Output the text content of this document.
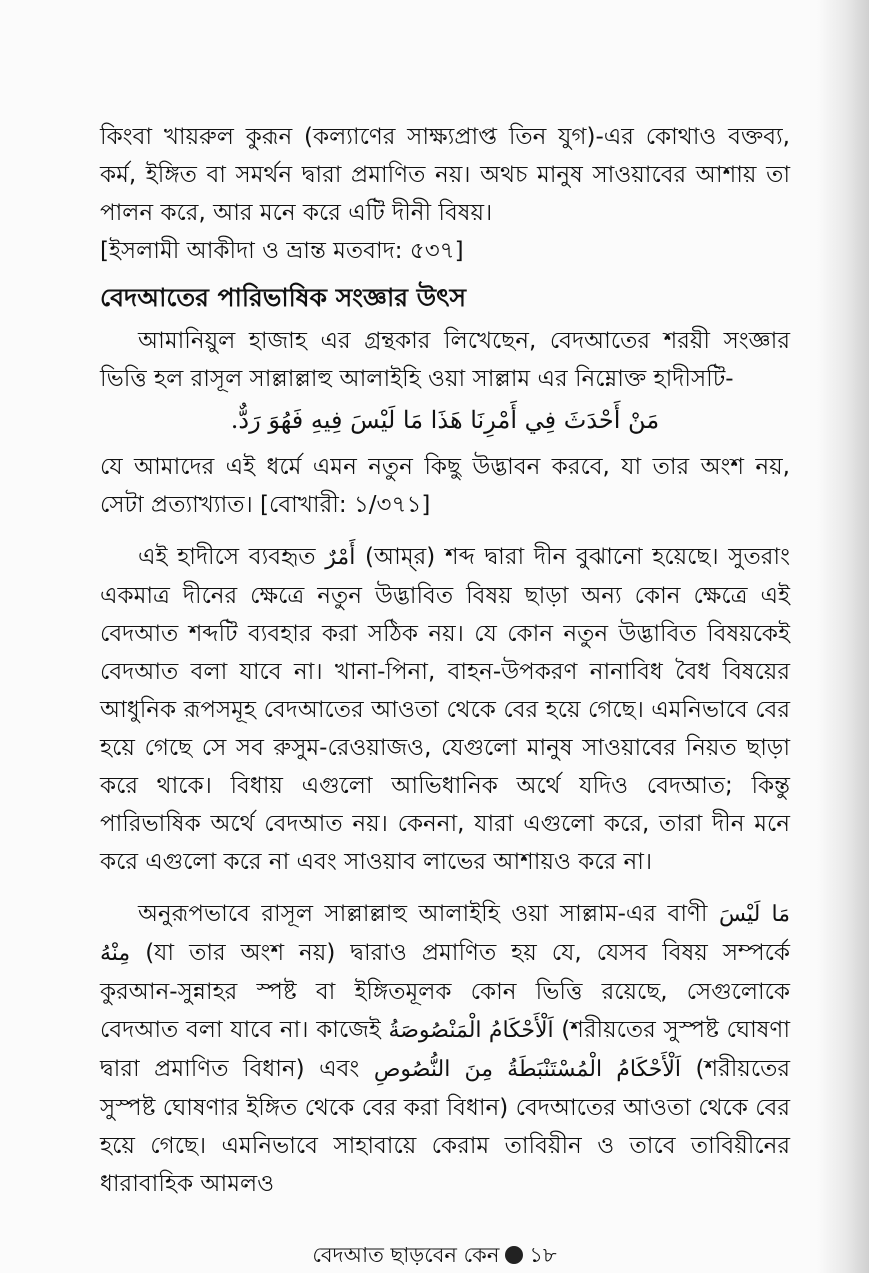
কিংবা খায়রুল কুরূন (কল্যাণের সাক্ষ্যপ্রাপ্ত তিন যুগ)-এর কোথাও বক্তব্য, কর্ম, ইঙ্গিত বা সমর্থন দ্বারা প্রমাণিত নয়। অথচ মানুষ সাওয়াবের আশায় তা পালন করে, আর মনে করে এটি দীনী বিষয়।

[ইসলামী আকীদা ও ভ্রান্ত মতবাদ: ৫৩৭]

বেদআতের পারিভাষিক সংজ্ঞার উৎস

আমানিয়ুল হাজাহ এর গ্রন্থকার লিখেছেন, বেদআতের শরয়ী সংজ্ঞার ভিত্তি হল রাসূল সাল্লাল্লাহু আলাইহি ওয়া সাল্লাম এর নিম্নোক্ত হাদীসটি-

مَنْ أَحْدَثَ فِي أَمْرِنَا هَذَا مَا لَيْسَ فِيهِ فَهُوَ رَدٌّ.

যে আমাদের এই ধর্মে এমন নতুন কিছু উদ্ভাবন করবে, যা তার অংশ নয়, সেটা প্রত্যাখ্যাত। [বোখারী: ১/৩৭১]

এই হাদীসে ব্যবহৃত أَمْرٌ (আম্‌র) শব্দ দ্বারা দীন বুঝানো হয়েছে। সুতরাং একমাত্র দীনের ক্ষেত্রে নতুন উদ্ভাবিত বিষয় ছাড়া অন্য কোন ক্ষেত্রে এই বেদআত শব্দটি ব্যবহার করা সঠিক নয়। যে কোন নতুন উদ্ভাবিত বিষয়কেই বেদআত বলা যাবে না। খানা-পিনা, বাহন-উপকরণ নানাবিধ বৈধ বিষয়ের আধুনিক রূপসমূহ বেদআতের আওতা থেকে বের হয়ে গেছে। এমনিভাবে বের হয়ে গেছে সে সব রুসুম-রেওয়াজও, যেগুলো মানুষ সাওয়াবের নিয়ত ছাড়া করে থাকে। বিধায় এগুলো আভিধানিক অর্থে যদিও বেদআত; কিন্তু পারিভাষিক অর্থে বেদআত নয়। কেননা, যারা এগুলো করে, তারা দীন মনে করে এগুলো করে না এবং সাওয়াব লাভের আশায়ও করে না।

অনুরূপভাবে রাসূল সাল্লাল্লাহু আলাইহি ওয়া সাল্লাম-এর বাণী مَا لَيْسَ مِنْهُ (যা তার অংশ নয়) দ্বারাও প্রমাণিত হয় যে, যেসব বিষয় সম্পর্কে কুরআন-সুন্নাহর স্পষ্ট বা ইঙ্গিতমূলক কোন ভিত্তি রয়েছে, সেগুলোকে বেদআত বলা যাবে না। কাজেই اَلْأَحْكَامُ الْمَنْصُوصَةُ (শরীয়তের সুস্পষ্ট ঘোষণা দ্বারা প্রমাণিত বিধান) এবং اَلْأَحْكَامُ الْمُسْتَنْبَطَةُ مِنَ النُّصُوصِ (শরীয়তের সুস্পষ্ট ঘোষণার ইঙ্গিত থেকে বের করা বিধান) বেদআতের আওতা থেকে বের হয়ে গেছে। এমনিভাবে সাহাবায়ে কেরাম তাবিয়ীন ও তাবে তাবিয়ীনের ধারাবাহিক আমলও

বেদআত ছাড়বেন কেন ১৮
